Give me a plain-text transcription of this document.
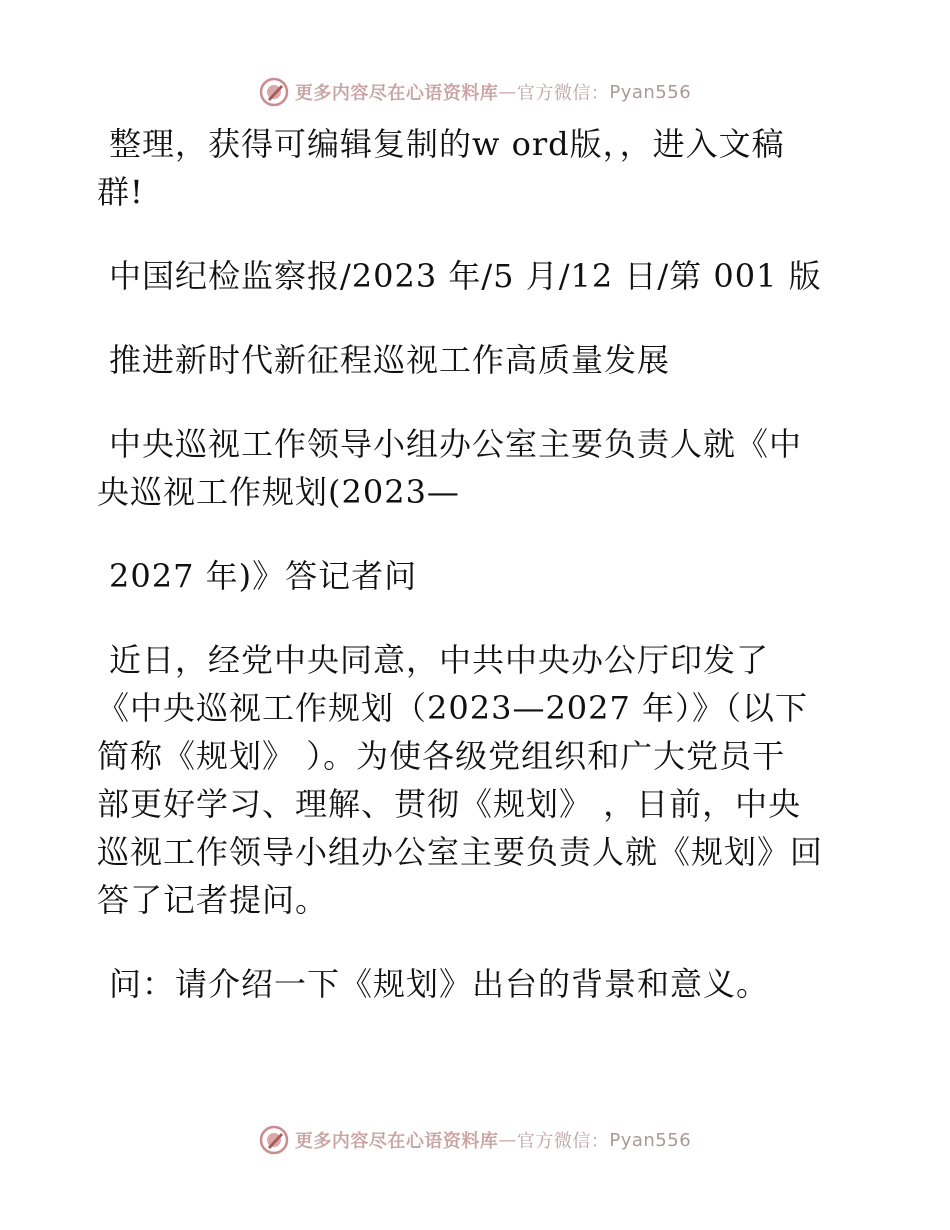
更多内容尽在心语资料库 — 官方微信： Pyan556
整理，获得可编辑复制的w ord版，，进入文稿
群!
中国纪检监察报/2023 年/5 月/12 日/第 001 版
推进新时代新征程巡视工作高质量发展
中央巡视工作领导小组办公室主要负责人就《中
央巡视工作规划(2023—
2027 年)》答记者问
近日，经党中央同意，中共中央办公厅印发了
《中央巡视工作规划（2023—2027 年）》（以下
简称《规划》 ）。为使各级党组织和广大党员干
部更好学习、理解、贯彻《规划》 ，日前，中央
巡视工作领导小组办公室主要负责人就《规划》回
答了记者提问。
问：请介绍一下《规划》出台的背景和意义。
更多内容尽在心语资料库 — 官方微信： Pyan556
